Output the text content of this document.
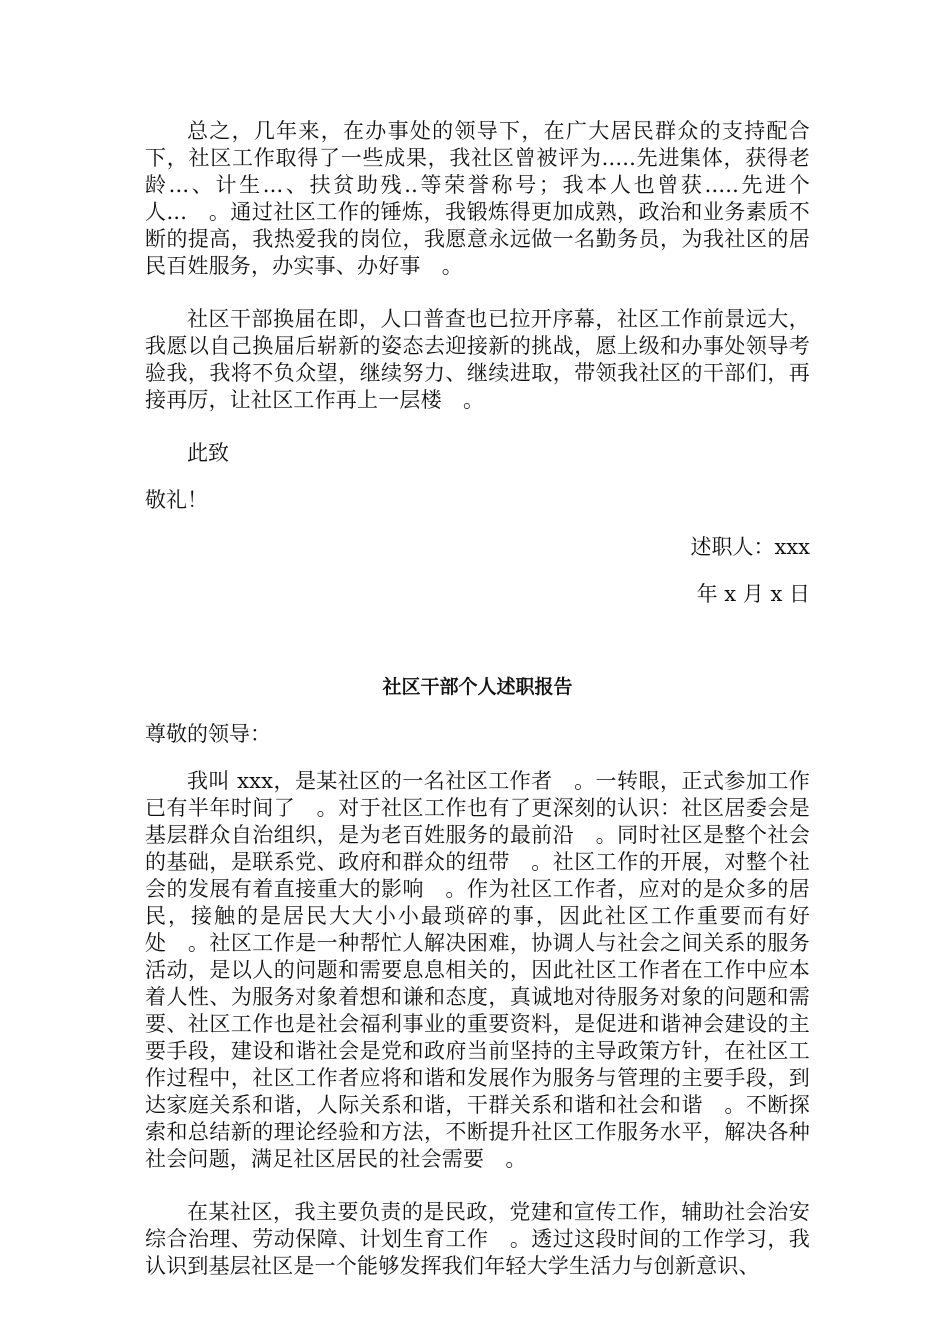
总之，几年来，在办事处的领导下，在广大居民群众的支持配合下，社区工作取得了一些成果，我社区曾被评为.....先进集体，获得老龄...、计生...、扶贫助残..等荣誉称号；我本人也曾获.....先进个人...　。通过社区工作的锤炼，我锻炼得更加成熟，政治和业务素质不断的提高，我热爱我的岗位，我愿意永远做一名勤务员，为我社区的居民百姓服务，办实事、办好事　。

社区干部换届在即，人口普查也已拉开序幕，社区工作前景远大，我愿以自己换届后崭新的姿态去迎接新的挑战，愿上级和办事处领导考验我，我将不负众望，继续努力、继续进取，带领我社区的干部们，再接再厉，让社区工作再上一层楼　。

此致

敬礼！

述职人：xxx

年 x 月 x 日

社区干部个人述职报告

尊敬的领导：

我叫 xxx，是某社区的一名社区工作者　。一转眼，正式参加工作已有半年时间了　。对于社区工作也有了更深刻的认识：社区居委会是基层群众自治组织，是为老百姓服务的最前沿　。同时社区是整个社会的基础，是联系党、政府和群众的纽带　。社区工作的开展，对整个社会的发展有着直接重大的影响　。作为社区工作者，应对的是众多的居民，接触的是居民大大小小最琐碎的事，因此社区工作重要而有好处　。社区工作是一种帮忙人解决困难，协调人与社会之间关系的服务活动，是以人的问题和需要息息相关的，因此社区工作者在工作中应本着人性、为服务对象着想和谦和态度，真诚地对待服务对象的问题和需要、社区工作也是社会福利事业的重要资料，是促进和谐神会建设的主要手段，建设和谐社会是党和政府当前坚持的主导政策方针，在社区工作过程中，社区工作者应将和谐和发展作为服务与管理的主要手段，到达家庭关系和谐，人际关系和谐，干群关系和谐和社会和谐　。不断探索和总结新的理论经验和方法，不断提升社区工作服务水平，解决各种社会问题，满足社区居民的社会需要　。

在某社区，我主要负责的是民政，党建和宣传工作，辅助社会治安综合治理、劳动保障、计划生育工作　。透过这段时间的工作学习，我认识到基层社区是一个能够发挥我们年轻大学生活力与创新意识、
